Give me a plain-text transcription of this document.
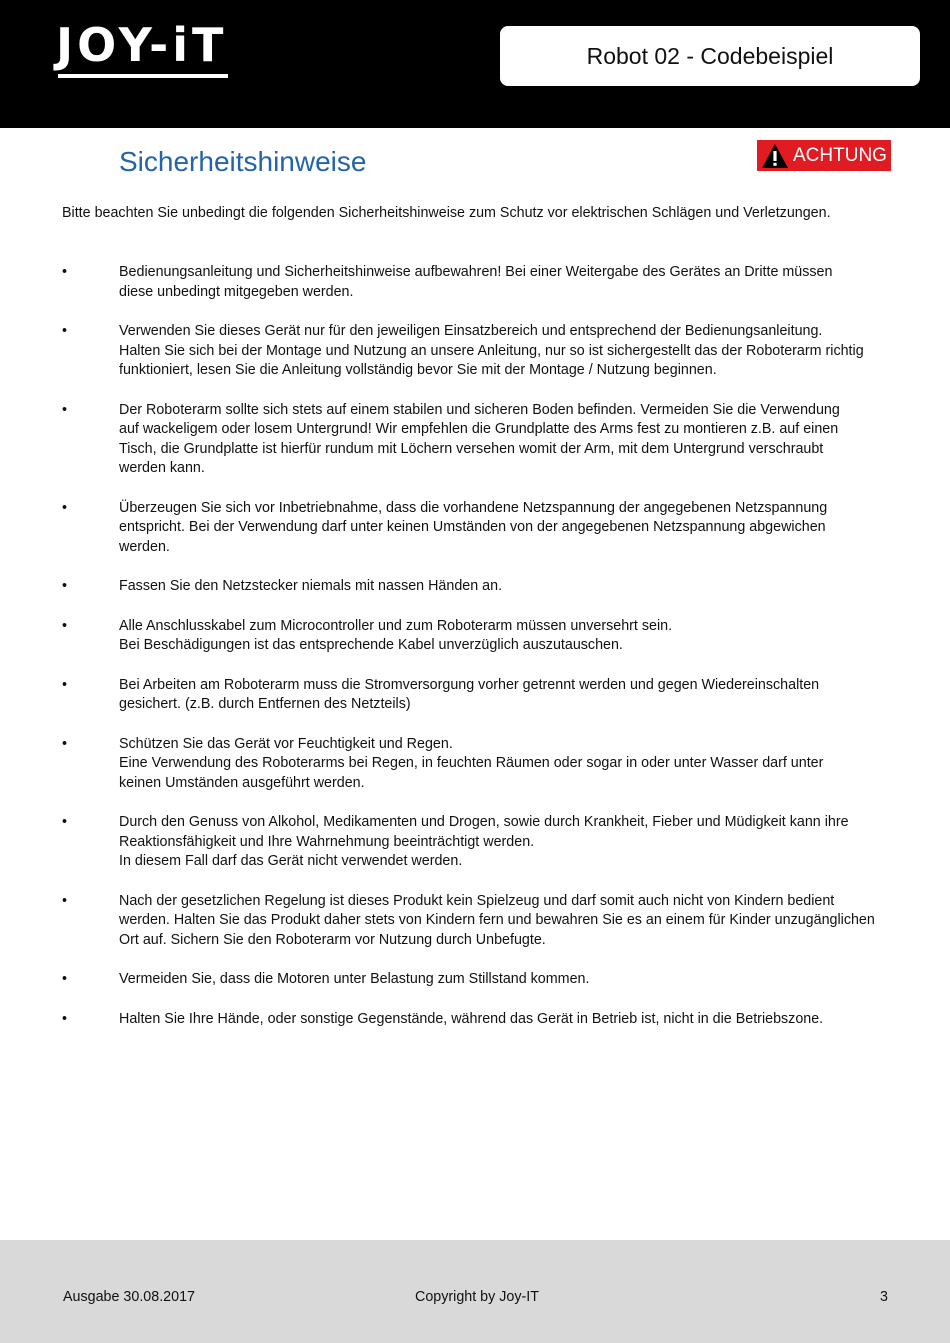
JOY-iT	Robot 02 - Codebeispiel
Sicherheitshinweise	ACHTUNG
Bitte beachten Sie unbedingt die folgenden Sicherheitshinweise zum Schutz vor elektrischen Schlägen und Verletzungen.
•	Bedienungsanleitung und Sicherheitshinweise aufbewahren! Bei einer Weitergabe des Gerätes an Dritte müssen
diese unbedingt mitgegeben werden.
•	Verwenden Sie dieses Gerät nur für den jeweiligen Einsatzbereich und entsprechend der Bedienungsanleitung.
Halten Sie sich bei der Montage und Nutzung an unsere Anleitung, nur so ist sichergestellt das der Roboterarm richtig
funktioniert, lesen Sie die Anleitung vollständig bevor Sie mit der Montage / Nutzung beginnen.
•	Der Roboterarm sollte sich stets auf einem stabilen und sicheren Boden befinden. Vermeiden Sie die Verwendung
auf wackeligem oder losem Untergrund! Wir empfehlen die Grundplatte des Arms fest zu montieren z.B. auf einen
Tisch, die Grundplatte ist hierfür rundum mit Löchern versehen womit der Arm, mit dem Untergrund verschraubt
werden kann.
•	Überzeugen Sie sich vor Inbetriebnahme, dass die vorhandene Netzspannung der angegebenen Netzspannung
entspricht. Bei der Verwendung darf unter keinen Umständen von der angegebenen Netzspannung abgewichen
werden.
•	Fassen Sie den Netzstecker niemals mit nassen Händen an.
•	Alle Anschlusskabel zum Microcontroller und zum Roboterarm müssen unversehrt sein.
Bei Beschädigungen ist das entsprechende Kabel unverzüglich auszutauschen.
•	Bei Arbeiten am Roboterarm muss die Stromversorgung vorher getrennt werden und gegen Wiedereinschalten
gesichert. (z.B. durch Entfernen des Netzteils)
•	Schützen Sie das Gerät vor Feuchtigkeit und Regen.
Eine Verwendung des Roboterarms bei Regen, in feuchten Räumen oder sogar in oder unter Wasser darf unter
keinen Umständen ausgeführt werden.
•	Durch den Genuss von Alkohol, Medikamenten und Drogen, sowie durch Krankheit, Fieber und Müdigkeit kann ihre
Reaktionsfähigkeit und Ihre Wahrnehmung beeinträchtigt werden.
In diesem Fall darf das Gerät nicht verwendet werden.
•	Nach der gesetzlichen Regelung ist dieses Produkt kein Spielzeug und darf somit auch nicht von Kindern bedient
werden. Halten Sie das Produkt daher stets von Kindern fern und bewahren Sie es an einem für Kinder unzugänglichen
Ort auf. Sichern Sie den Roboterarm vor Nutzung durch Unbefugte.
•	Vermeiden Sie, dass die Motoren unter Belastung zum Stillstand kommen.
•	Halten Sie Ihre Hände, oder sonstige Gegenstände, während das Gerät in Betrieb ist, nicht in die Betriebszone.
Ausgabe 30.08.2017	Copyright by Joy-IT	3
